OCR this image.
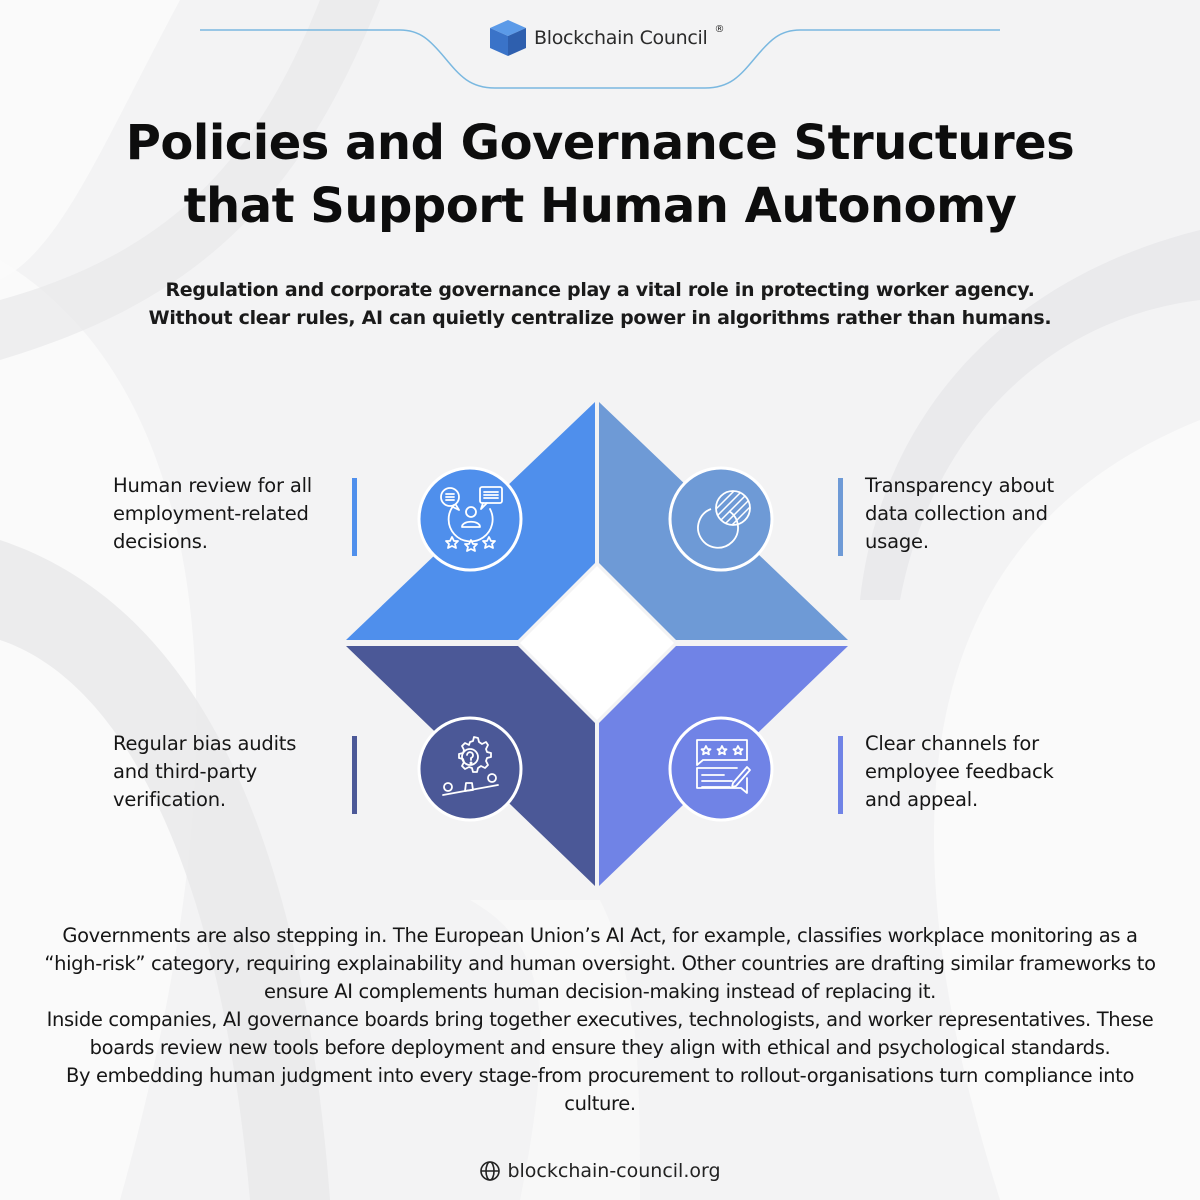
Blockchain Council ®
Policies and Governance Structures
that Support Human Autonomy
Regulation and corporate governance play a vital role in protecting worker agency.
Without clear rules, AI can quietly centralize power in algorithms rather than humans.
Human review for all
employment-related
decisions.
Transparency about
data collection and
usage.
Regular bias audits
and third-party
verification.
Clear channels for
employee feedback
and appeal.

Governments are also stepping in. The European Union’s AI Act, for example, classifies workplace monitoring as a “high-risk” category, requiring explainability and human oversight. Other countries are drafting similar frameworks to ensure AI complements human decision-making instead of replacing it.

Inside companies, AI governance boards bring together executives, technologists, and worker representatives. These boards review new tools before deployment and ensure they align with ethical and psychological standards.

By embedding human judgment into every stage-from procurement to rollout-organisations turn compliance into culture.

blockchain-council.org
